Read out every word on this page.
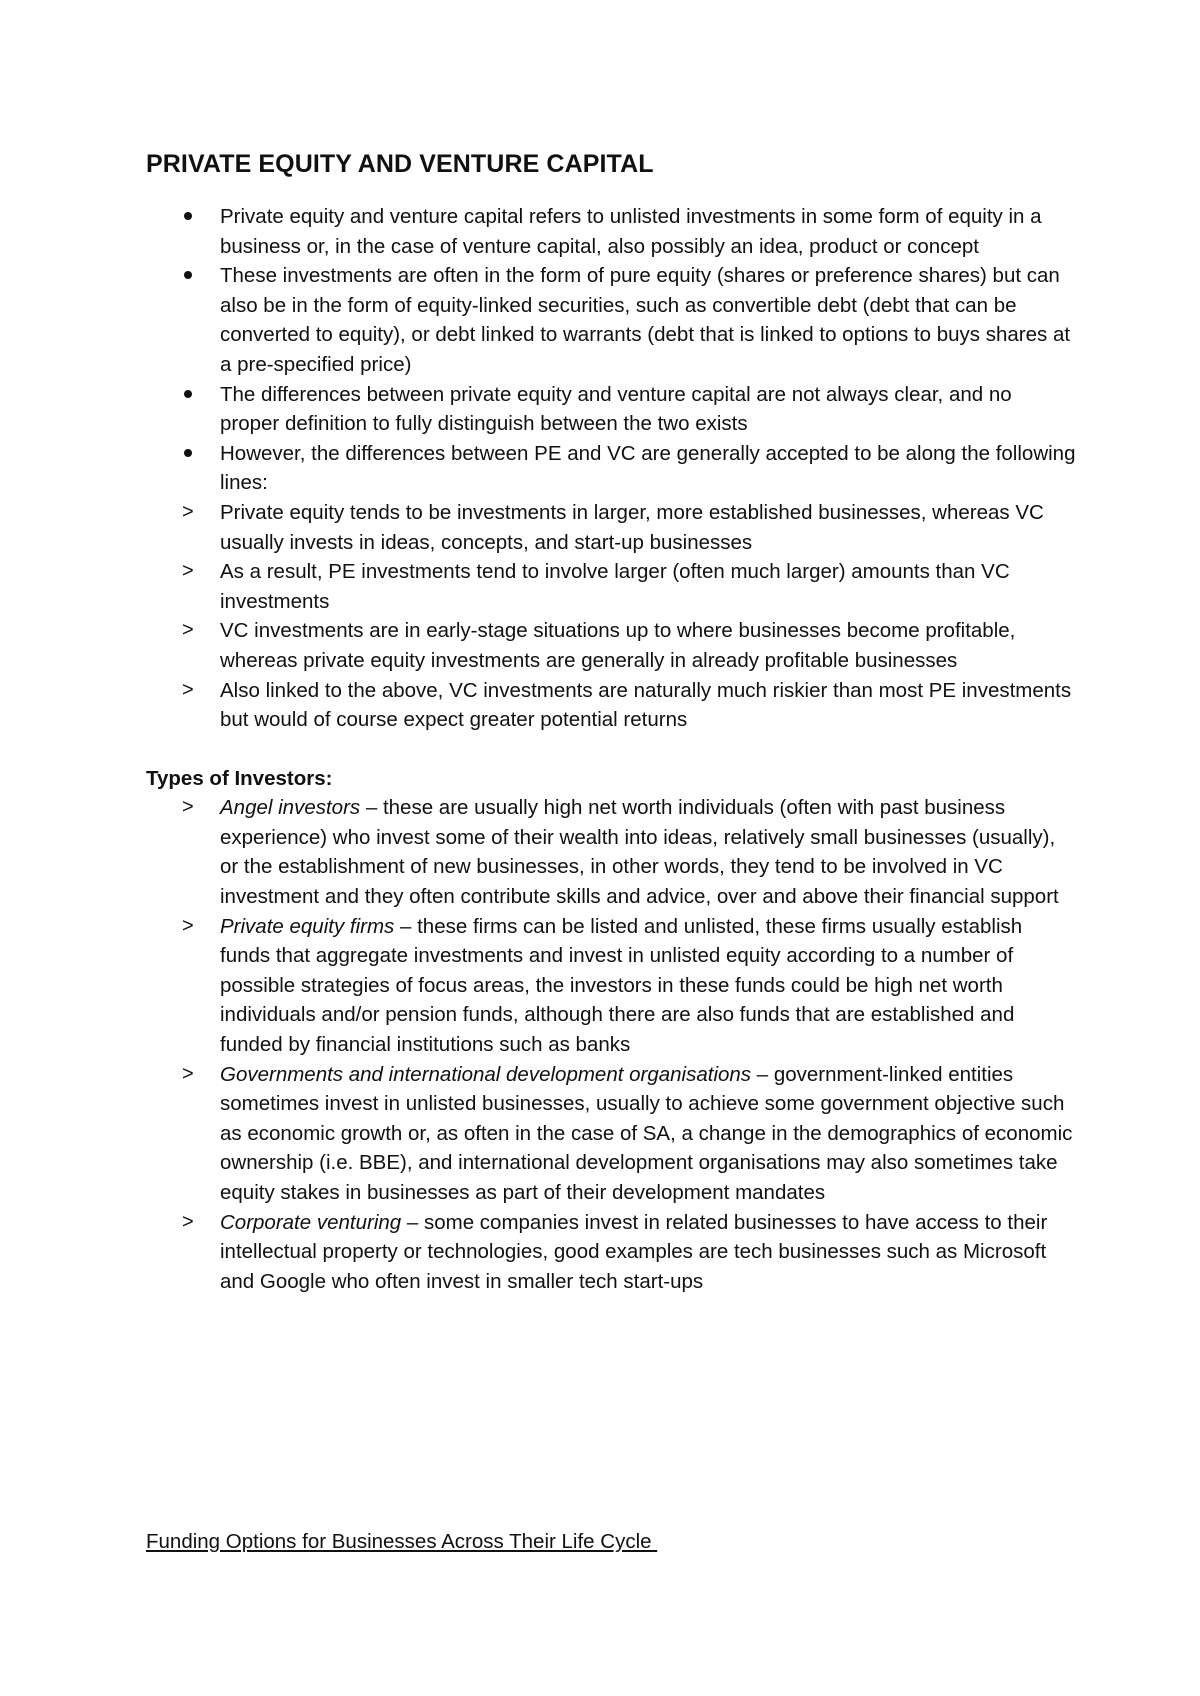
PRIVATE EQUITY AND VENTURE CAPITAL
Private equity and venture capital refers to unlisted investments in some form of equity in a business or, in the case of venture capital, also possibly an idea, product or concept
These investments are often in the form of pure equity (shares or preference shares) but can also be in the form of equity-linked securities, such as convertible debt (debt that can be converted to equity), or debt linked to warrants (debt that is linked to options to buys shares at a pre-specified price)
The differences between private equity and venture capital are not always clear, and no proper definition to fully distinguish between the two exists
However, the differences between PE and VC are generally accepted to be along the following lines:
>	Private equity tends to be investments in larger, more established businesses, whereas VC usually invests in ideas, concepts, and start-up businesses
>	As a result, PE investments tend to involve larger (often much larger) amounts than VC investments
>	VC investments are in early-stage situations up to where businesses become profitable, whereas private equity investments are generally in already profitable businesses
>	Also linked to the above, VC investments are naturally much riskier than most PE investments but would of course expect greater potential returns
Types of Investors:
>	Angel investors – these are usually high net worth individuals (often with past business experience) who invest some of their wealth into ideas, relatively small businesses (usually), or the establishment of new businesses, in other words, they tend to be involved in VC investment and they often contribute skills and advice, over and above their financial support
>	Private equity firms – these firms can be listed and unlisted, these firms usually establish funds that aggregate investments and invest in unlisted equity according to a number of possible strategies of focus areas, the investors in these funds could be high net worth individuals and/or pension funds, although there are also funds that are established and funded by financial institutions such as banks
>	Governments and international development organisations – government-linked entities sometimes invest in unlisted businesses, usually to achieve some government objective such as economic growth or, as often in the case of SA, a change in the demographics of economic ownership (i.e. BBE), and international development organisations may also sometimes take equity stakes in businesses as part of their development mandates
>	Corporate venturing – some companies invest in related businesses to have access to their intellectual property or technologies, good examples are tech businesses such as Microsoft and Google who often invest in smaller tech start-ups
Funding Options for Businesses Across Their Life Cycle
